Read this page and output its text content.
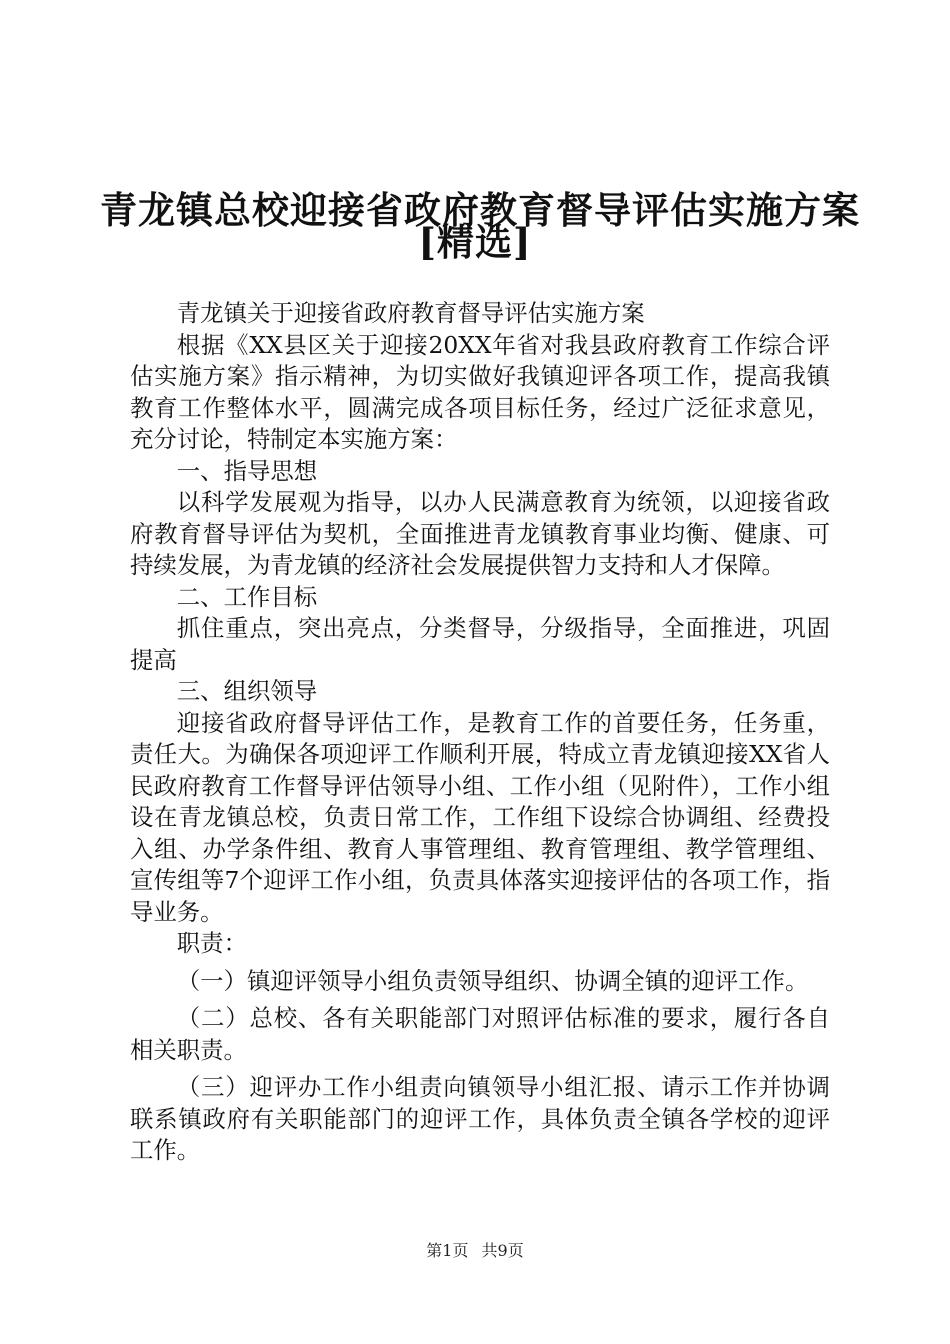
青龙镇总校迎接省政府教育督导评估实施方案
[精选]

青龙镇关于迎接省政府教育督导评估实施方案

根据《XX县区关于迎接20XX年省对我县政府教育工作综合评估实施方案》指示精神，为切实做好我镇迎评各项工作，提高我镇教育工作整体水平，圆满完成各项目标任务，经过广泛征求意见，充分讨论，特制定本实施方案：

一、指导思想

以科学发展观为指导，以办人民满意教育为统领，以迎接省政府教育督导评估为契机，全面推进青龙镇教育事业均衡、健康、可持续发展，为青龙镇的经济社会发展提供智力支持和人才保障。

二、工作目标

抓住重点，突出亮点，分类督导，分级指导，全面推进，巩固提高

三、组织领导

迎接省政府督导评估工作，是教育工作的首要任务，任务重，责任大。为确保各项迎评工作顺利开展，特成立青龙镇迎接XX省人民政府教育工作督导评估领导小组、工作小组（见附件），工作小组设在青龙镇总校，负责日常工作，工作组下设综合协调组、经费投入组、办学条件组、教育人事管理组、教育管理组、教学管理组、宣传组等7个迎评工作小组，负责具体落实迎接评估的各项工作，指导业务。

职责：

（一）镇迎评领导小组负责领导组织、协调全镇的迎评工作。

（二）总校、各有关职能部门对照评估标准的要求，履行各自相关职责。

（三）迎评办工作小组责向镇领导小组汇报、请示工作并协调联系镇政府有关职能部门的迎评工作，具体负责全镇各学校的迎评工作。

第1页 共9页
